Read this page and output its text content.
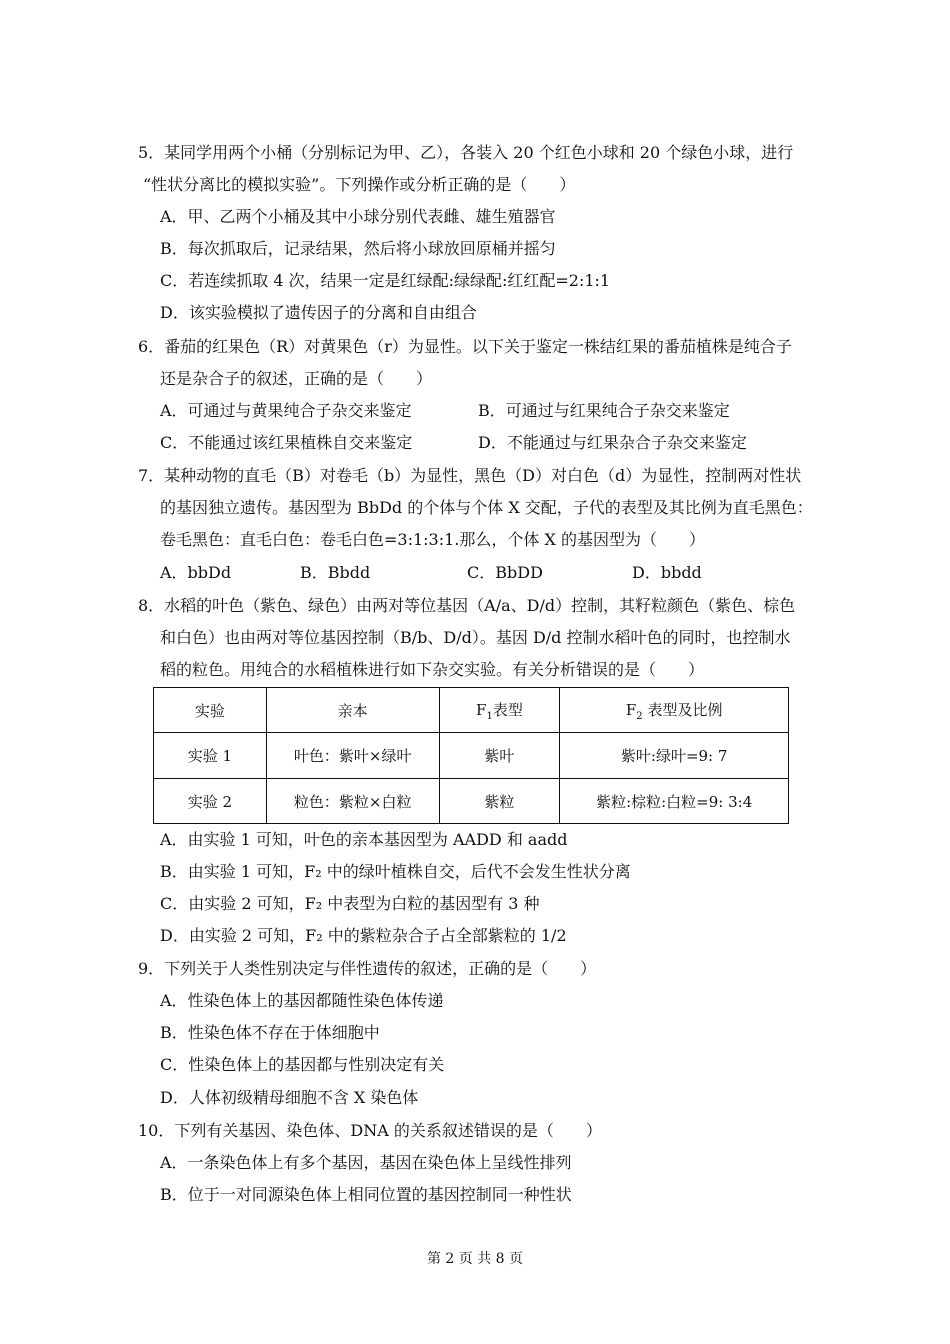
5．某同学用两个小桶（分别标记为甲、乙），各装入 20 个红色小球和 20 个绿色小球，进行
“性状分离比的模拟实验”。下列操作或分析正确的是（　　）
A．甲、乙两个小桶及其中小球分别代表雌、雄生殖器官
B．每次抓取后，记录结果，然后将小球放回原桶并摇匀
C．若连续抓取 4 次，结果一定是红绿配:绿绿配:红红配=2:1:1
D．该实验模拟了遗传因子的分离和自由组合
6．番茄的红果色（R）对黄果色（r）为显性。以下关于鉴定一株结红果的番茄植株是纯合子
还是杂合子的叙述，正确的是（　　）
A．可通过与黄果纯合子杂交来鉴定	B．可通过与红果纯合子杂交来鉴定
C．不能通过该红果植株自交来鉴定	D．不能通过与红果杂合子杂交来鉴定
7．某种动物的直毛（B）对卷毛（b）为显性，黑色（D）对白色（d）为显性，控制两对性状
的基因独立遗传。基因型为 BbDd 的个体与个体 X 交配，子代的表型及其比例为直毛黑色：
卷毛黑色：直毛白色：卷毛白色=3:1:3:1.那么，个体 X 的基因型为（　　）
A．bbDd	B．Bbdd	C．BbDD	D．bbdd
8．水稻的叶色（紫色、绿色）由两对等位基因（A/a、D/d）控制，其籽粒颜色（紫色、棕色
和白色）也由两对等位基因控制（B/b、D/d）。基因 D/d 控制水稻叶色的同时，也控制水
稻的粒色。用纯合的水稻植株进行如下杂交实验。有关分析错误的是（　　）
实验	亲本	$F_1$表型	$F_2$ 表型及比例
实验 1	叶色：紫叶×绿叶	紫叶	紫叶:绿叶=9: 7
实验 2	粒色：紫粒×白粒	紫粒	紫粒:棕粒:白粒=9: 3:4
A．由实验 1 可知，叶色的亲本基因型为 AADD 和 aadd
B．由实验 1 可知，F₂ 中的绿叶植株自交，后代不会发生性状分离
C．由实验 2 可知，F₂ 中表型为白粒的基因型有 3 种
D．由实验 2 可知，F₂ 中的紫粒杂合子占全部紫粒的 1/2
9．下列关于人类性别决定与伴性遗传的叙述，正确的是（　　）
A．性染色体上的基因都随性染色体传递
B．性染色体不存在于体细胞中
C．性染色体上的基因都与性别决定有关
D．人体初级精母细胞不含 X 染色体
10．下列有关基因、染色体、DNA 的关系叙述错误的是（　　）
A．一条染色体上有多个基因，基因在染色体上呈线性排列
B．位于一对同源染色体上相同位置的基因控制同一种性状
第 2 页 共 8 页
